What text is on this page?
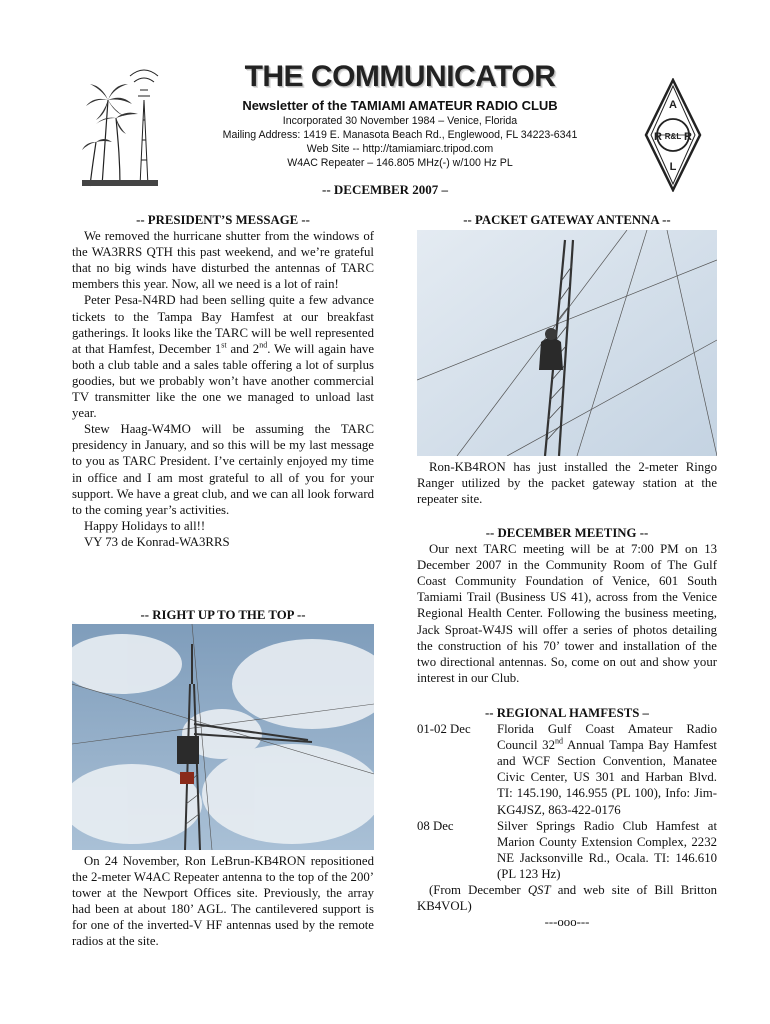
THE COMMUNICATOR
Newsletter of the TAMIAMI AMATEUR RADIO CLUB
Incorporated 30 November 1984 – Venice, Florida
Mailing Address: 1419 E. Manasota Beach Rd., Englewood, FL 34223-6341
Web Site -- http://tamiamiarc.tripod.com
W4AC Repeater – 146.805 MHz(-) w/100 Hz PL
A
R R
L
R&L
-- DECEMBER 2007 –
-- PRESIDENT’S MESSAGE --

We removed the hurricane shutter from the windows of the WA3RRS QTH this past weekend, and we’re grateful that no big winds have disturbed the antennas of TARC members this year. Now, all we need is a lot of rain!

Peter Pesa-N4RD had been selling quite a few advance tickets to the Tampa Bay Hamfest at our breakfast gatherings. It looks like the TARC will be well represented at that Hamfest, December 1st and 2nd. We will again have both a club table and a sales table offering a lot of surplus goodies, but we probably won’t have another commercial TV transmitter like the one we managed to unload last year.

Stew Haag-W4MO will be assuming the TARC presidency in January, and so this will be my last message to you as TARC President. I’ve certainly enjoyed my time in office and I am most grateful to all of you for your support. We have a great club, and we can all look forward to the coming year’s activities.

Happy Holidays to all!!

VY 73 de Konrad-WA3RRS

-- RIGHT UP TO THE TOP --

On 24 November, Ron LeBrun-KB4RON repositioned the 2-meter W4AC Repeater antenna to the top of the 200’ tower at the Newport Offices site. Previously, the array had been at about 180’ AGL. The cantilevered support is for one of the inverted-V HF antennas used by the remote radios at the site.

-- PACKET GATEWAY ANTENNA --

Ron-KB4RON has just installed the 2-meter Ringo Ranger utilized by the packet gateway station at the repeater site.

-- DECEMBER MEETING --

Our next TARC meeting will be at 7:00 PM on 13 December 2007 in the Community Room of The Gulf Coast Community Foundation of Venice, 601 South Tamiami Trail (Business US 41), across from the Venice Regional Health Center. Following the business meeting, Jack Sproat-W4JS will offer a series of photos detailing the construction of his 70’ tower and installation of the two directional antennas. So, come on out and show your interest in our Club.

-- REGIONAL HAMFESTS –
01-02 Dec	Florida Gulf Coast Amateur Radio Council 32nd Annual Tampa Bay Hamfest and WCF Section Convention, Manatee Civic Center, US 301 and Harban Blvd. TI: 145.190, 146.955 (PL 100), Info: Jim-KG4JSZ, 863-422-0176
08 Dec	Silver Springs Radio Club Hamfest at Marion County Extension Complex, 2232 NE Jacksonville Rd., Ocala. TI: 146.610 (PL 123 Hz)

(From December QST and web site of Bill Britton KB4VOL)

---ooo---
